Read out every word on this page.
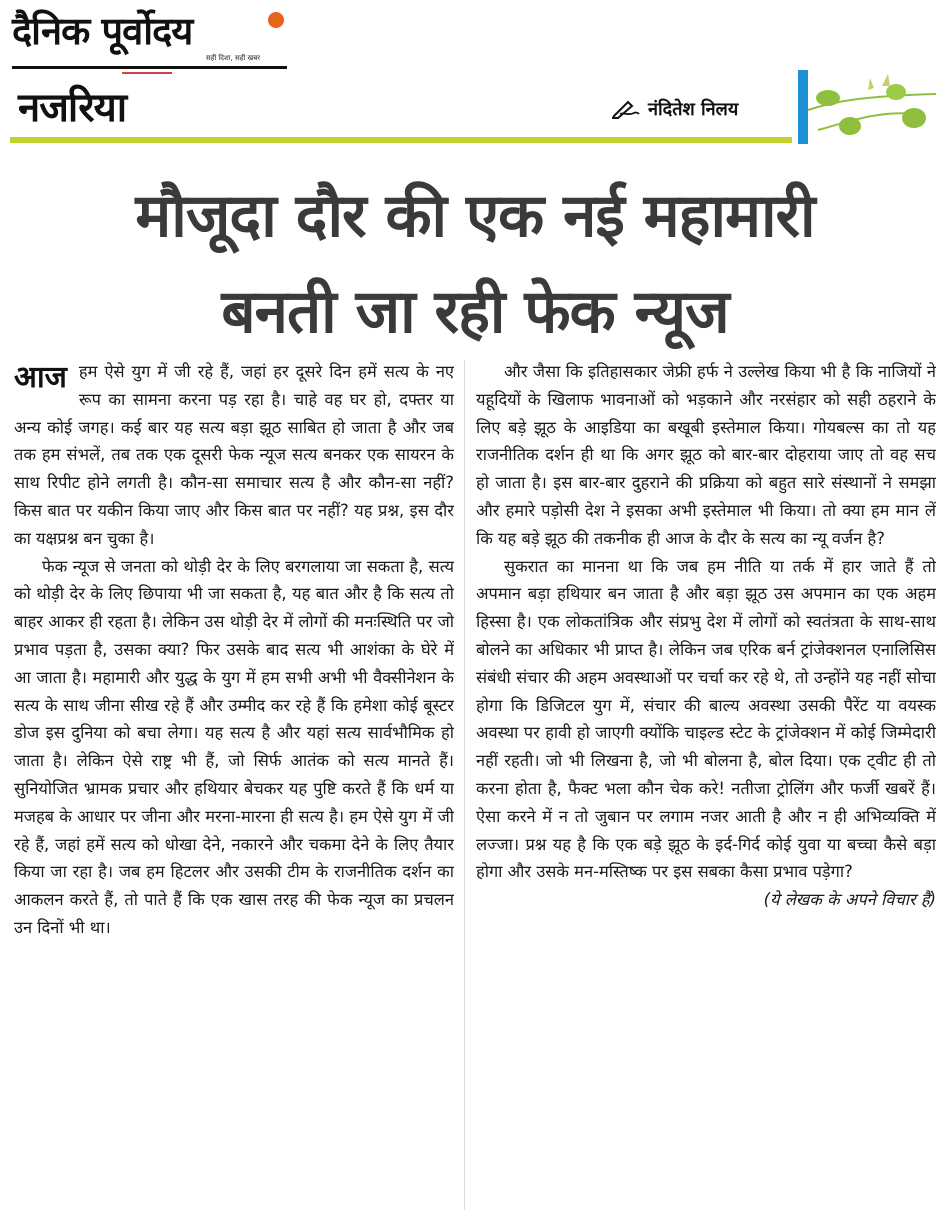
दैनिक पूर्वोदय
सही दिशा, सही खबर
नजरिया	नंदितेश निलय
मौजूदा दौर की एक नई महामारी
बनती जा रही फेक न्यूज

आज हम ऐसे युग में जी रहे हैं, जहां हर दूसरे दिन हमें सत्य के नए रूप का सामना करना पड़ रहा है। चाहे वह घर हो, दफ्तर या अन्य कोई जगह। कई बार यह सत्य बड़ा झूठ साबित हो जाता है और जब तक हम संभलें, तब तक एक दूसरी फेक न्यूज सत्य बनकर एक सायरन के साथ रिपीट होने लगती है। कौन-सा समाचार सत्य है और कौन-सा नहीं? किस बात पर यकीन किया जाए और किस बात पर नहीं? यह प्रश्न, इस दौर का यक्षप्रश्न बन चुका है।

फेक न्यूज से जनता को थोड़ी देर के लिए बरगलाया जा सकता है, सत्य को थोड़ी देर के लिए छिपाया भी जा सकता है, यह बात और है कि सत्य तो बाहर आकर ही रहता है। लेकिन उस थोड़ी देर में लोगों की मनःस्थिति पर जो प्रभाव पड़ता है, उसका क्या? फिर उसके बाद सत्य भी आशंका के घेरे में आ जाता है। महामारी और युद्ध के युग में हम सभी अभी भी वैक्सीनेशन के सत्य के साथ जीना सीख रहे हैं और उम्मीद कर रहे हैं कि हमेशा कोई बूस्टर डोज इस दुनिया को बचा लेगा। यह सत्य है और यहां सत्य सार्वभौमिक हो जाता है। लेकिन ऐसे राष्ट्र भी हैं, जो सिर्फ आतंक को सत्य मानते हैं। सुनियोजित भ्रामक प्रचार और हथियार बेचकर यह पुष्टि करते हैं कि धर्म या मजहब के आधार पर जीना और मरना-मारना ही सत्य है। हम ऐसे युग में जी रहे हैं, जहां हमें सत्य को धोखा देने, नकारने और चकमा देने के लिए तैयार किया जा रहा है। जब हम हिटलर और उसकी टीम के राजनीतिक दर्शन का आकलन करते हैं, तो पाते हैं कि एक खास तरह की फेक न्यूज का प्रचलन उन दिनों भी था।

और जैसा कि इतिहासकार जेफ्री हर्फ ने उल्लेख किया भी है कि नाजियों ने यहूदियों के खिलाफ भावनाओं को भड़काने और नरसंहार को सही ठहराने के लिए बड़े झूठ के आइडिया का बखूबी इस्तेमाल किया। गोयबल्स का तो यह राजनीतिक दर्शन ही था कि अगर झूठ को बार-बार दोहराया जाए तो वह सच हो जाता है। इस बार-बार दुहराने की प्रक्रिया को बहुत सारे संस्थानों ने समझा और हमारे पड़ोसी देश ने इसका अभी इस्तेमाल भी किया। तो क्या हम मान लें कि यह बड़े झूठ की तकनीक ही आज के दौर के सत्य का न्यू वर्जन है?

सुकरात का मानना था कि जब हम नीति या तर्क में हार जाते हैं तो अपमान बड़ा हथियार बन जाता है और बड़ा झूठ उस अपमान का एक अहम हिस्सा है। एक लोकतांत्रिक और संप्रभु देश में लोगों को स्वतंत्रता के साथ-साथ बोलने का अधिकार भी प्राप्त है। लेकिन जब एरिक बर्न ट्रांजेक्शनल एनालिसिस संबंधी संचार की अहम अवस्थाओं पर चर्चा कर रहे थे, तो उन्होंने यह नहीं सोचा होगा कि डिजिटल युग में, संचार की बाल्य अवस्था उसकी पैरेंट या वयस्क अवस्था पर हावी हो जाएगी क्योंकि चाइल्ड स्टेट के ट्रांजेक्शन में कोई जिम्मेदारी नहीं रहती। जो भी लिखना है, जो भी बोलना है, बोल दिया। एक ट्वीट ही तो करना होता है, फैक्ट भला कौन चेक करे! नतीजा ट्रोलिंग और फर्जी खबरें हैं। ऐसा करने में न तो जुबान पर लगाम नजर आती है और न ही अभिव्यक्ति में लज्जा। प्रश्न यह है कि एक बड़े झूठ के इर्द-गिर्द कोई युवा या बच्चा कैसे बड़ा होगा और उसके मन-मस्तिष्क पर इस सबका कैसा प्रभाव पड़ेगा?

(ये लेखक के अपने विचार हैं)
